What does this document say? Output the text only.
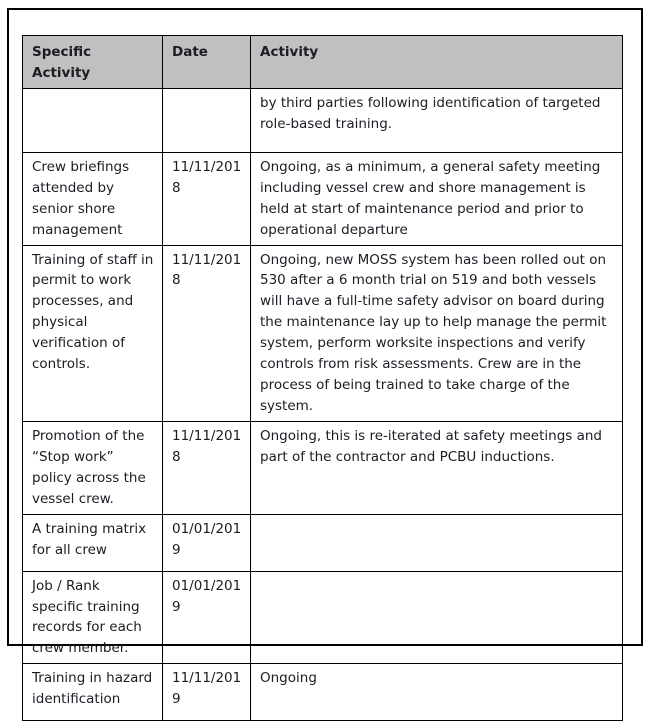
Specific Activity	Date	Activity
		by third parties following identification of targeted role-based training.
Crew briefings attended by senior shore management	11/11/2018	Ongoing, as a minimum, a general safety meeting including vessel crew and shore management is held at start of maintenance period and prior to operational departure
Training of staff in permit to work processes, and physical verification of controls.	11/11/2018	Ongoing, new MOSS system has been rolled out on 530 after a 6 month trial on 519 and both vessels will have a full-time safety advisor on board during the maintenance lay up to help manage the permit system, perform worksite inspections and verify controls from risk assessments. Crew are in the process of being trained to take charge of the system.
Promotion of the “Stop work” policy across the vessel crew.	11/11/2018	Ongoing, this is re-iterated at safety meetings and part of the contractor and PCBU inductions.
A training matrix for all crew	01/01/2019	
Job / Rank specific training records for each crew member.	01/01/2019	
Training in hazard identification	11/11/2019	Ongoing
